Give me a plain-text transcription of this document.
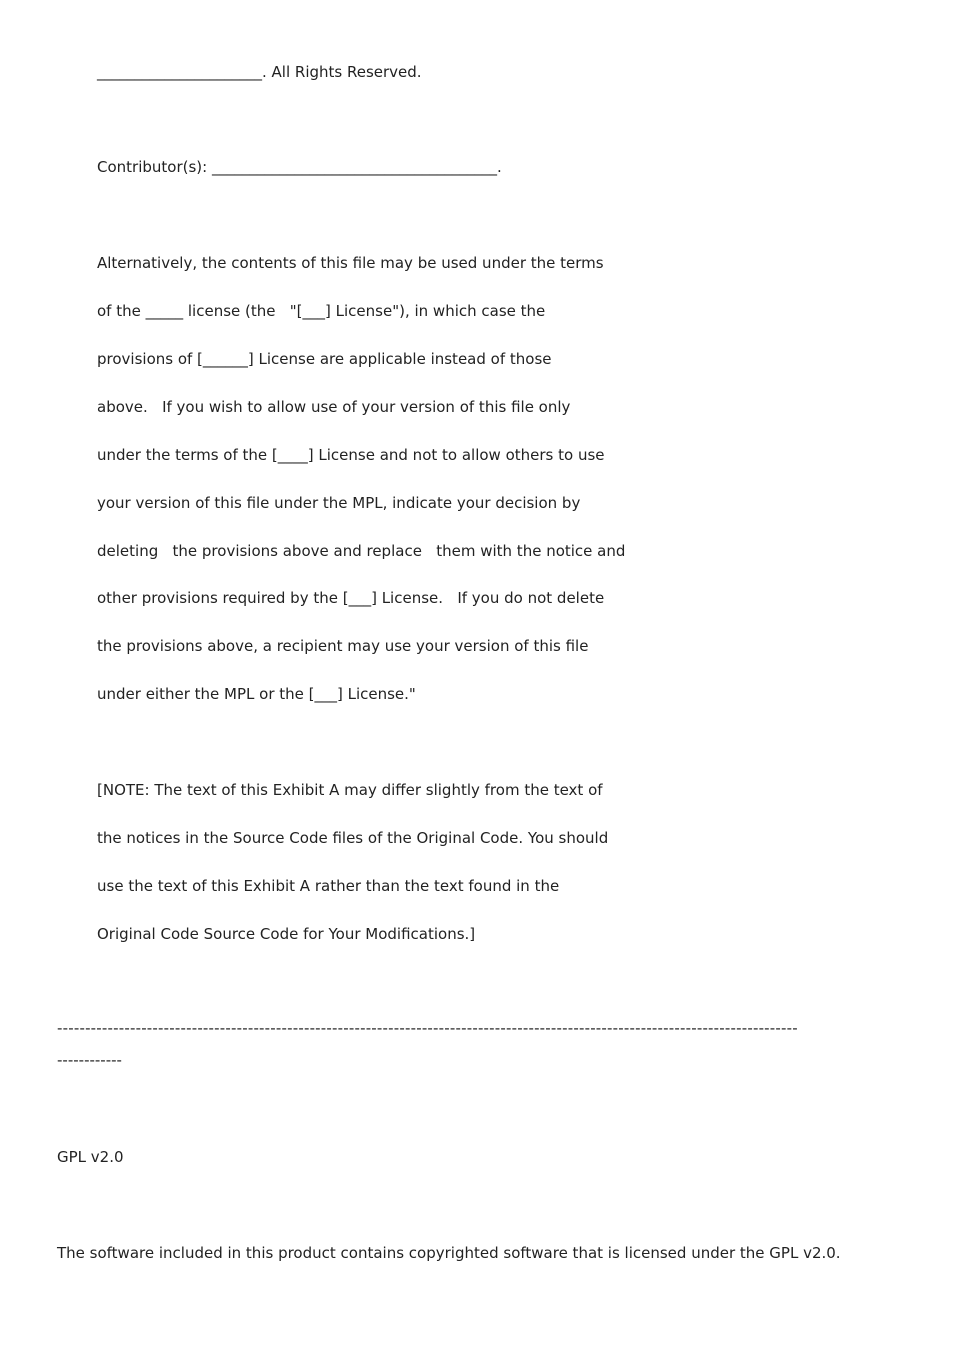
______________________. All Rights Reserved.
Contributor(s): ______________________________________.
Alternatively, the contents of this file may be used under the terms
of the _____ license (the   "[___] License"), in which case the
provisions of [______] License are applicable instead of those
above.   If you wish to allow use of your version of this file only
under the terms of the [____] License and not to allow others to use
your version of this file under the MPL, indicate your decision by
deleting   the provisions above and replace   them with the notice and
other provisions required by the [___] License.   If you do not delete
the provisions above, a recipient may use your version of this file
under either the MPL or the [___] License."
[NOTE: The text of this Exhibit A may differ slightly from the text of
the notices in the Source Code files of the Original Code. You should
use the text of this Exhibit A rather than the text found in the
Original Code Source Code for Your Modifications.]
------------------------------------------------------------------------------------------------------------------------------------
------------
GPL v2.0
The software included in this product contains copyrighted software that is licensed under the GPL v2.0.
